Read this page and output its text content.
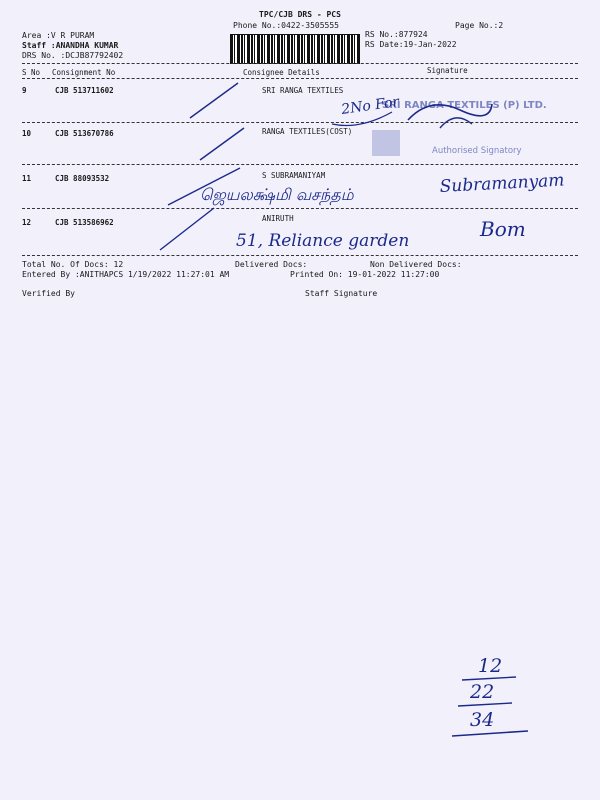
TPC/CJB DRS - PCS
Phone No.:0422-3505555	Page No.:2
Area :V R PURAM
Staff :ANANDHA KUMAR
DRS No. :DCJB87792402
RS No.:877924
RS Date:19-Jan-2022
S No Consignment No	Consignee Details	Signature
9	CJB 513711602	SRI RANGA TEXTILES
10	CJB 513670786	RANGA TEXTILES(COST)
11	CJB 88093532	S SUBRAMANIYAM
12	CJB 513586962	ANIRUTH
Total No. Of Docs: 12	Delivered Docs:	Non Delivered Docs:
Entered By :ANITHAPCS 1/19/2022 11:27:01 AM	Printed On: 19-01-2022 11:27:00
Verified By	Staff Signature
SRI RANGA TEXTILES (P) LTD.
Authorised Signatory
2No For
ஜெயலக்ஷ்மி வசந்தம்	Subramanyam
51, Reliance garden	Bom
12
22
34
